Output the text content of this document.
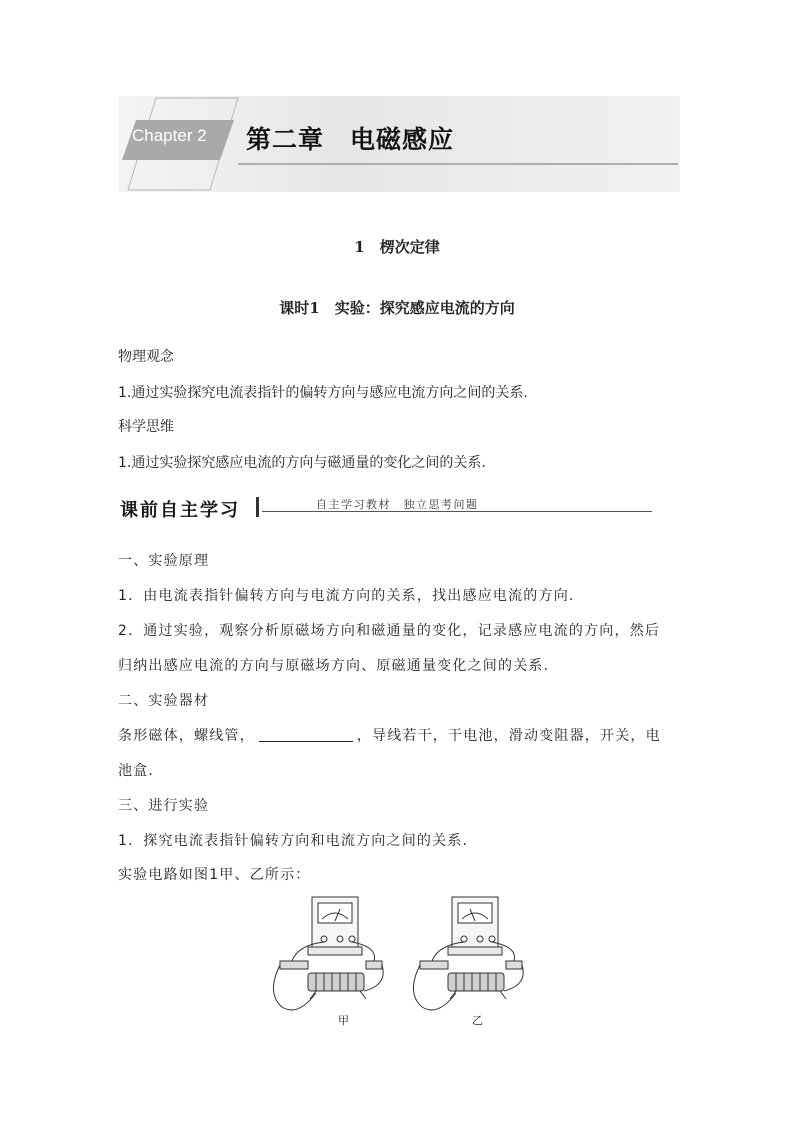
Chapter 2 第二章　电磁感应
1　楞次定律
课时1　实验：探究感应电流的方向
物理观念
1.通过实验探究电流表指针的偏转方向与感应电流方向之间的关系.
科学思维
1.通过实验探究感应电流的方向与磁通量的变化之间的关系.
课前自主学习	自主学习教材　独立思考问题
一、实验原理
1．由电流表指针偏转方向与电流方向的关系，找出感应电流的方向.
2．通过实验，观察分析原磁场方向和磁通量的变化，记录感应电流的方向，然后
归纳出感应电流的方向与原磁场方向、原磁通量变化之间的关系.
二、实验器材
条形磁体，螺线管，	，导线若干，干电池，滑动变阻器，开关，电
池盒.
三、进行实验
1．探究电流表指针偏转方向和电流方向之间的关系.
实验电路如图1甲、乙所示：
甲	乙
